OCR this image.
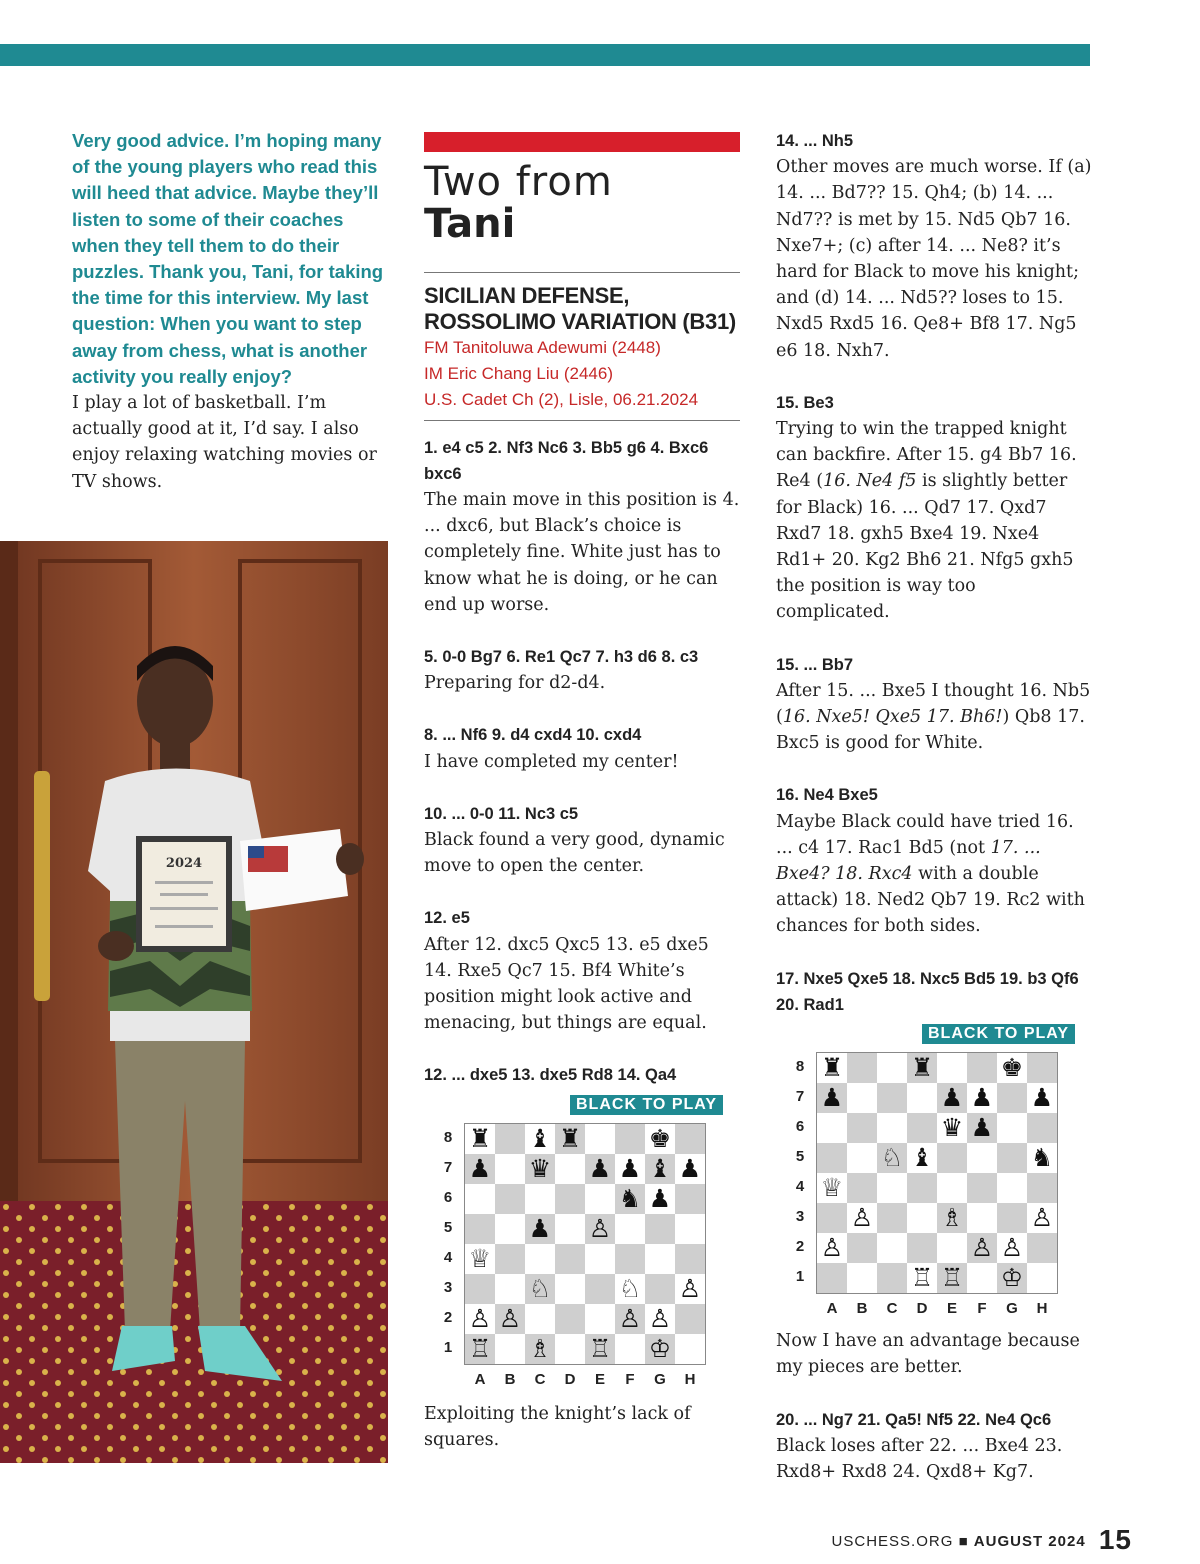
Very good advice. I’m hoping many of the young players who read this will heed that advice. Maybe they’ll listen to some of their coaches when they tell them to do their puzzles. Thank you, Tani, for taking the time for this interview. My last question: When you want to step away from chess, what is another activity you really enjoy?
I play a lot of basketball. I’m actually good at it, I’d say. I also enjoy relaxing watching movies or TV shows.
2024
Two from
Tani
SICILIAN DEFENSE,
ROSSOLIMO VARIATION (B31)
FM Tanitoluwa Adewumi (2448)
IM Eric Chang Liu (2446)
U.S. Cadet Ch (2), Lisle, 06.21.2024
1. e4 c5 2. Nf3 Nc6 3. Bb5 g6 4. Bxc6 bxc6
The main move in this position is 4. ... dxc6, but Black’s choice is completely fine. White just has to know what he is doing, or he can end up worse.
5. 0-0 Bg7 6. Re1 Qc7 7. h3 d6 8. c3
Preparing for d2-d4.
8. ... Nf6 9. d4 cxd4 10. cxd4
I have completed my center!
10. ... 0-0 11. Nc3 c5
Black found a very good, dynamic move to open the center.
12. e5
After 12. dxc5 Qxc5 13. e5 dxe5 14. Rxe5 Qc7 15. Bf4 White’s position might look active and menacing, but things are equal.
12. ... dxe5 13. dxe5 Rd8 14. Qa4
BLACK TO PLAY
♜ ♝ ♜	♚
♟ ♛ ♟ ♟ ♝ ♟
♞ ♟
♟ ♙
♕
♘	♘ ♙
♙ ♙	♙ ♙
♖ ♗ ♖ ♔
8
7
6
5
4
3
2
1
A	B	C	D	E	F	G	H
Exploiting the knight’s lack of squares.
14. ... Nh5
Other moves are much worse. If (a) 14. ... Bd7?? 15. Qh4; (b) 14. ... Nd7?? is met by 15. Nd5 Qb7 16. Nxe7+; (c) after 14. ... Ne8? it’s hard for Black to move his knight; and (d) 14. ... Nd5?? loses to 15. Nxd5 Rxd5 16. Qe8+ Bf8 17. Ng5 e6 18. Nxh7.
15. Be3
Trying to win the trapped knight can backfire. After 15. g4 Bb7 16. Re4 (16. Ne4 f5 is slightly better for Black) 16. ... Qd7 17. Qxd7 Rxd7 18. gxh5 Bxe4 19. Nxe4 Rd1+ 20. Kg2 Bh6 21. Nfg5 gxh5 the position is way too complicated.
15. ... Bb7
After 15. ... Bxe5 I thought 16. Nb5 (16. Nxe5! Qxe5 17. Bh6!) Qb8 17. Bxc5 is good for White.
16. Ne4 Bxe5
Maybe Black could have tried 16. ... c4 17. Rac1 Bd5 (not 17. ... Bxe4? 18. Rxc4 with a double attack) 18. Ned2 Qb7 19. Rc2 with chances for both sides.
17. Nxe5 Qxe5 18. Nxc5 Bd5 19. b3 Qf6 20. Rad1
BLACK TO PLAY
♜	♜	♚
♟	♟ ♟ ♟
♛ ♟
♘ ♝	♞
♕
♙	♗	♙
♙	♙ ♙
♖ ♖ ♔
8
7
6
5
4
3
2
1
A	B	C	D	E	F	G	H
Now I have an advantage because my pieces are better.
20. ... Ng7 21. Qa5! Nf5 22. Ne4 Qc6
Black loses after 22. ... Bxe4 23. Rxd8+ Rxd8 24. Qxd8+ Kg7.
USCHESS.ORG ■ AUGUST 2024 15
